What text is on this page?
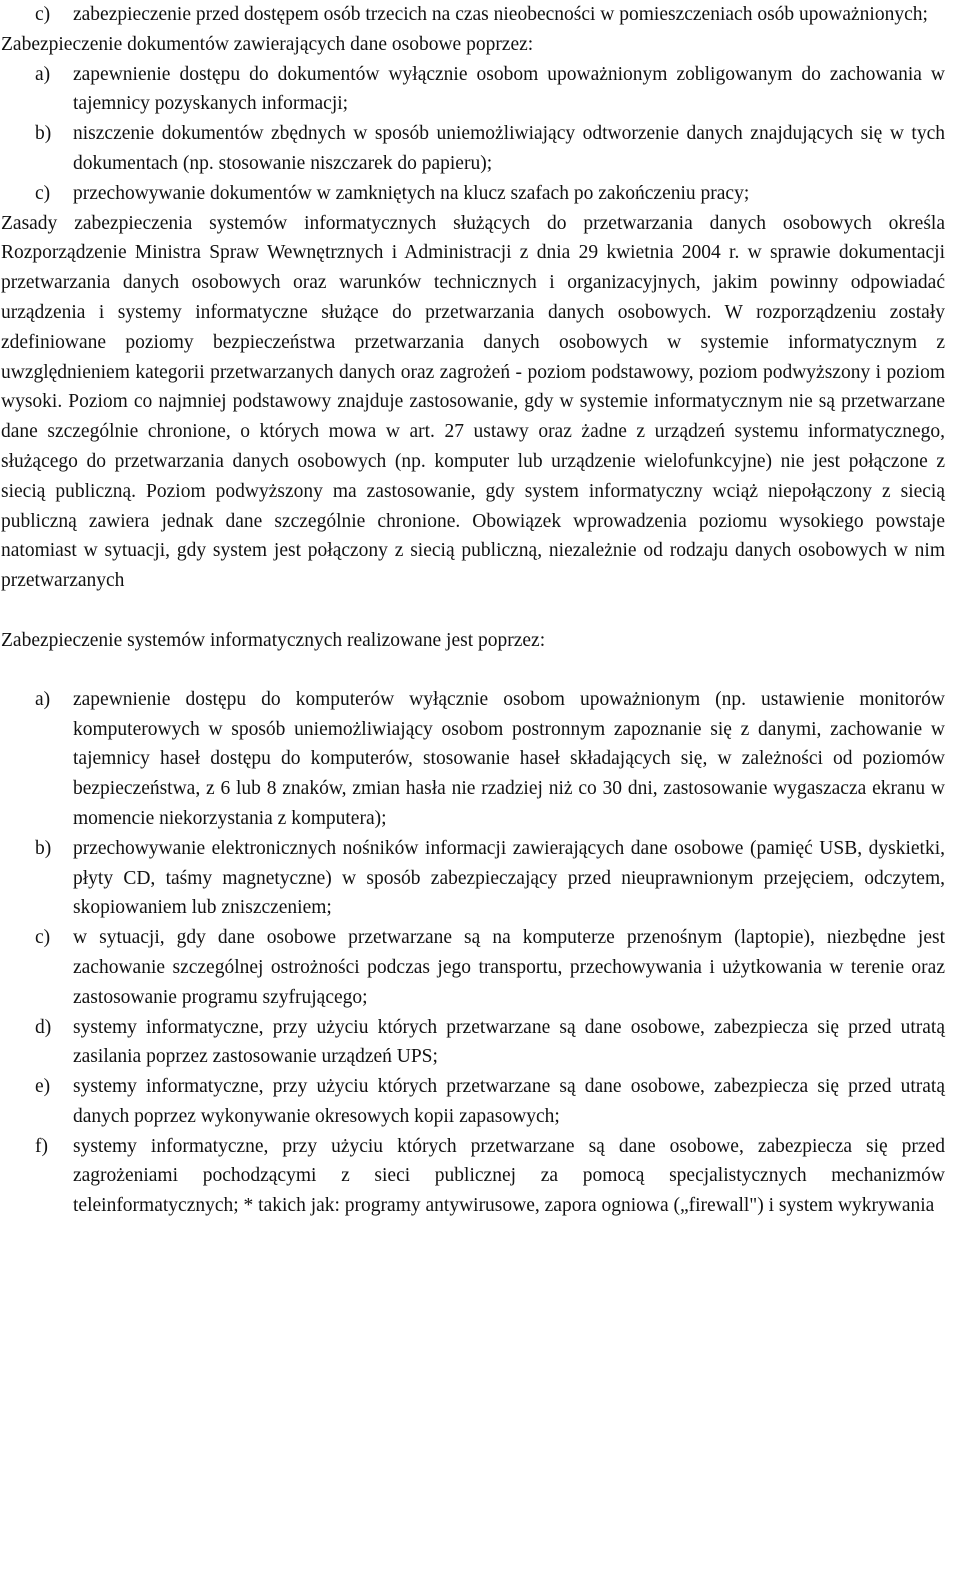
c) zabezpieczenie przed dostępem osób trzecich na czas nieobecności w pomieszczeniach osób upoważnionych;

Zabezpieczenie dokumentów zawierających dane osobowe poprzez:

a) zapewnienie dostępu do dokumentów wyłącznie osobom upoważnionym zobligowanym do zachowania w tajemnicy pozyskanych informacji;
b) niszczenie dokumentów zbędnych w sposób uniemożliwiający odtworzenie danych znajdujących się w tych dokumentach (np. stosowanie niszczarek do papieru);
c) przechowywanie dokumentów w zamkniętych na klucz szafach po zakończeniu pracy;

Zasady zabezpieczenia systemów informatycznych służących do przetwarzania danych osobowych określa Rozporządzenie Ministra Spraw Wewnętrznych i Administracji z dnia 29 kwietnia 2004 r. w sprawie dokumentacji przetwarzania danych osobowych oraz warunków technicznych i organizacyjnych, jakim powinny odpowiadać urządzenia i systemy informatyczne służące do przetwarzania danych osobowych. W rozporządzeniu zostały zdefiniowane poziomy bezpieczeństwa przetwarzania danych osobowych w systemie informatycznym z uwzględnieniem kategorii przetwarzanych danych oraz zagrożeń - poziom podstawowy, poziom podwyższony i poziom wysoki. Poziom co najmniej podstawowy znajduje zastosowanie, gdy w systemie informatycznym nie są przetwarzane dane szczególnie chronione, o których mowa w art. 27 ustawy oraz żadne z urządzeń systemu informatycznego, służącego do przetwarzania danych osobowych (np. komputer lub urządzenie wielofunkcyjne) nie jest połączone z siecią publiczną. Poziom podwyższony ma zastosowanie, gdy system informatyczny wciąż niepołączony z siecią publiczną zawiera jednak dane szczególnie chronione. Obowiązek wprowadzenia poziomu wysokiego powstaje natomiast w sytuacji, gdy system jest połączony z siecią publiczną, niezależnie od rodzaju danych osobowych w nim przetwarzanych

Zabezpieczenie systemów informatycznych realizowane jest poprzez:

a) zapewnienie dostępu do komputerów wyłącznie osobom upoważnionym (np. ustawienie monitorów komputerowych w sposób uniemożliwiający osobom postronnym zapoznanie się z danymi, zachowanie w tajemnicy haseł dostępu do komputerów, stosowanie haseł składających się, w zależności od poziomów bezpieczeństwa, z 6 lub 8 znaków, zmian hasła nie rzadziej niż co 30 dni, zastosowanie wygaszacza ekranu w momencie niekorzystania z komputera);
b) przechowywanie elektronicznych nośników informacji zawierających dane osobowe (pamięć USB, dyskietki, płyty CD, taśmy magnetyczne) w sposób zabezpieczający przed nieuprawnionym przejęciem, odczytem, skopiowaniem lub zniszczeniem;
c) w sytuacji, gdy dane osobowe przetwarzane są na komputerze przenośnym (laptopie), niezbędne jest zachowanie szczególnej ostrożności podczas jego transportu, przechowywania i użytkowania w terenie oraz zastosowanie programu szyfrującego;
d) systemy informatyczne, przy użyciu których przetwarzane są dane osobowe, zabezpiecza się przed utratą zasilania poprzez zastosowanie urządzeń UPS;
e) systemy informatyczne, przy użyciu których przetwarzane są dane osobowe, zabezpiecza się przed utratą danych poprzez wykonywanie okresowych kopii zapasowych;
f) systemy informatyczne, przy użyciu których przetwarzane są dane osobowe, zabezpiecza się przed zagrożeniami pochodzącymi z sieci publicznej za pomocą specjalistycznych mechanizmów teleinformatycznych; * takich jak: programy antywirusowe, zapora ogniowa („firewall") i system wykrywania
